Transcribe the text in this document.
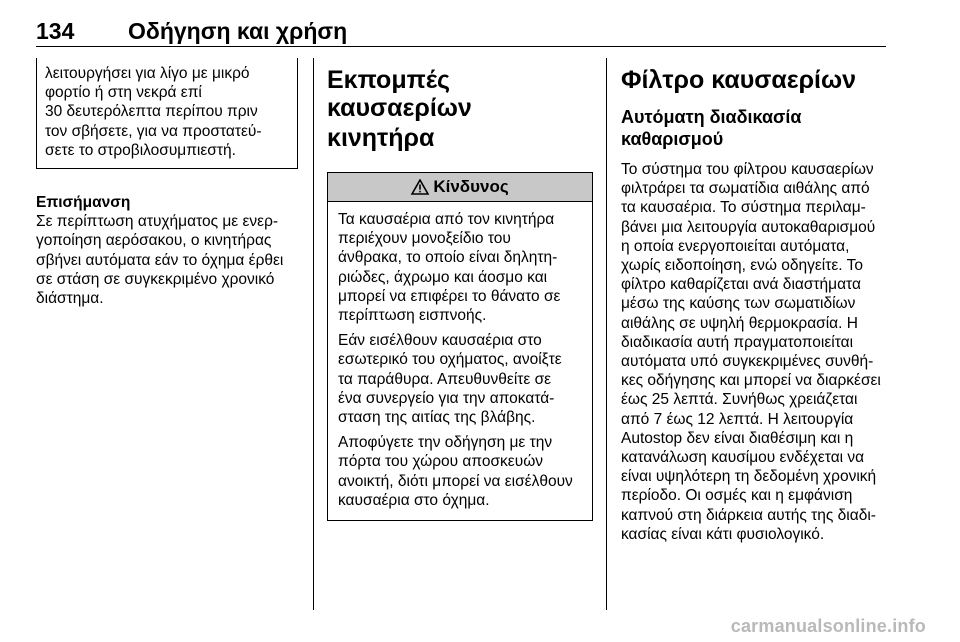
134 Οδήγηση και χρήση
λειτουργήσει για λίγο με μικρό
φορτίο ή στη νεκρά επί
30 δευτερόλεπτα περίπου πριν
τον σβήσετε, για να προστατεύ-
σετε το στροβιλοσυμπιεστή.
Επισήμανση
Σε περίπτωση ατυχήματος με ενερ-
γοποίηση αερόσακου, ο κινητήρας
σβήνει αυτόματα εάν το όχημα έρθει
σε στάση σε συγκεκριμένο χρονικό
διάστημα.
Εκπομπές καυσαερίων
κινητήρα
Κίνδυνος

Τα καυσαέρια από τον κινητήρα
περιέχουν μονοξείδιο του
άνθρακα, το οποίο είναι δηλητη-
ριώδες, άχρωμο και άοσμο και
μπορεί να επιφέρει το θάνατο σε
περίπτωση εισπνοής.

Εάν εισέλθουν καυσαέρια στο
εσωτερικό του οχήματος, ανοίξτε
τα παράθυρα. Απευθυνθείτε σε
ένα συνεργείο για την αποκατά-
σταση της αιτίας της βλάβης.

Αποφύγετε την οδήγηση με την
πόρτα του χώρου αποσκευών
ανοικτή, διότι μπορεί να εισέλθουν
καυσαέρια στο όχημα.

Φίλτρο καυσαερίων
Αυτόματη διαδικασία καθαρισμού
Το σύστημα του φίλτρου καυσαερίων
φιλτράρει τα σωματίδια αιθάλης από
τα καυσαέρια. Το σύστημα περιλαμ-
βάνει μια λειτουργία αυτοκαθαρισμού
η οποία ενεργοποιείται αυτόματα,
χωρίς ειδοποίηση, ενώ οδηγείτε. Το
φίλτρο καθαρίζεται ανά διαστήματα
μέσω της καύσης των σωματιδίων
αιθάλης σε υψηλή θερμοκρασία. Η
διαδικασία αυτή πραγματοποιείται
αυτόματα υπό συγκεκριμένες συνθή-
κες οδήγησης και μπορεί να διαρκέσει
έως 25 λεπτά. Συνήθως χρειάζεται
από 7 έως 12 λεπτά. Η λειτουργία
Autostop δεν είναι διαθέσιμη και η
κατανάλωση καυσίμου ενδέχεται να
είναι υψηλότερη τη δεδομένη χρονική
περίοδο. Οι οσμές και η εμφάνιση
καπνού στη διάρκεια αυτής της διαδι-
κασίας είναι κάτι φυσιολογικό.
carmanualsonline.info
